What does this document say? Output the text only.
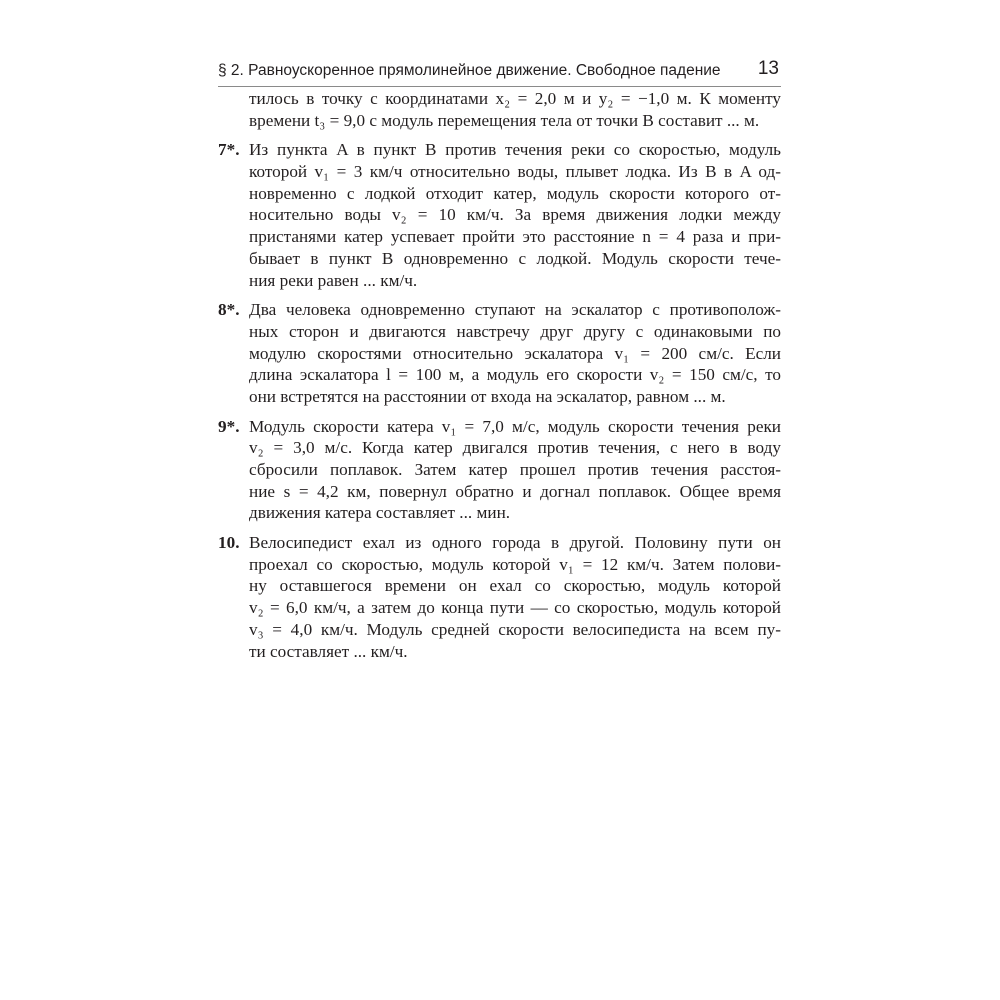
§ 2. Равноускоренное прямолинейное движение. Свободное падение 13
тилось в точку с координатами x₂ = 2,0 м и y₂ = −1,0 м. К моменту
времени t₃ = 9,0 с модуль перемещения тела от точки B составит ... м.
7*. Из пункта A в пункт B против течения реки со скоростью, модуль
которой v₁ = 3 км/ч относительно воды, плывет лодка. Из B в A од-
новременно с лодкой отходит катер, модуль скорости которого от-
носительно воды v₂ = 10 км/ч. За время движения лодки между
пристанями катер успевает пройти это расстояние n = 4 раза и при-
бывает в пункт B одновременно с лодкой. Модуль скорости тече-
ния реки равен ... км/ч.
8*. Два человека одновременно ступают на эскалатор с противополож-
ных сторон и двигаются навстречу друг другу с одинаковыми по
модулю скоростями относительно эскалатора v₁ = 200 см/с. Если
длина эскалатора l = 100 м, а модуль его скорости v₂ = 150 см/с, то
они встретятся на расстоянии от входа на эскалатор, равном ... м.
9*. Модуль скорости катера v₁ = 7,0 м/с, модуль скорости течения реки
v₂ = 3,0 м/с. Когда катер двигался против течения, с него в воду
сбросили поплавок. Затем катер прошел против течения расстоя-
ние s = 4,2 км, повернул обратно и догнал поплавок. Общее время
движения катера составляет ... мин.
10. Велосипедист ехал из одного города в другой. Половину пути он
проехал со скоростью, модуль которой v₁ = 12 км/ч. Затем полови-
ну оставшегося времени он ехал со скоростью, модуль которой
v₂ = 6,0 км/ч, а затем до конца пути — со скоростью, модуль которой
v₃ = 4,0 км/ч. Модуль средней скорости велосипедиста на всем пу-
ти составляет ... км/ч.
